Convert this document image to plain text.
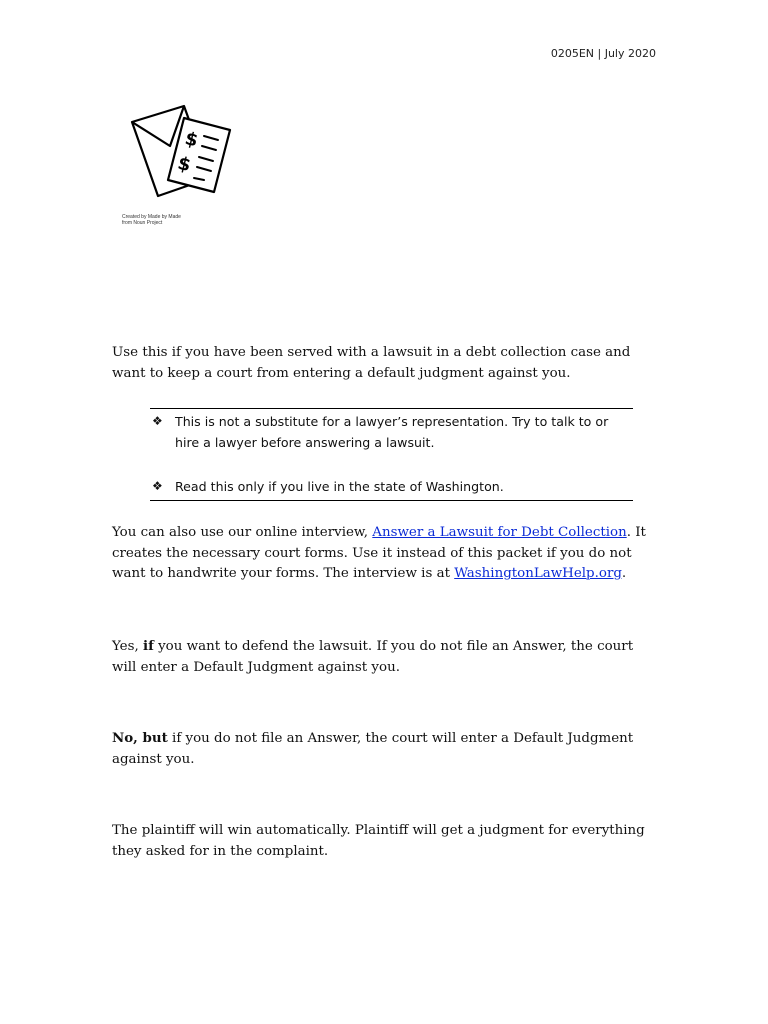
0205EN | July 2020
$
$
Created by Made by Made
from Noun Project
Use this if you have been served with a lawsuit in a debt collection case and want to keep a court from entering a default judgment against you.
❖ This is not a substitute for a lawyer’s representation. Try to talk to or hire a lawyer before answering a lawsuit.
❖ Read this only if you live in the state of Washington.
You can also use our online interview, Answer a Lawsuit for Debt Collection. It creates the necessary court forms. Use it instead of this packet if you do not want to handwrite your forms. The interview is at WashingtonLawHelp.org.
Yes, if you want to defend the lawsuit. If you do not file an Answer, the court will enter a Default Judgment against you.
No, but if you do not file an Answer, the court will enter a Default Judgment against you.
The plaintiff will win automatically. Plaintiff will get a judgment for everything they asked for in the complaint.
